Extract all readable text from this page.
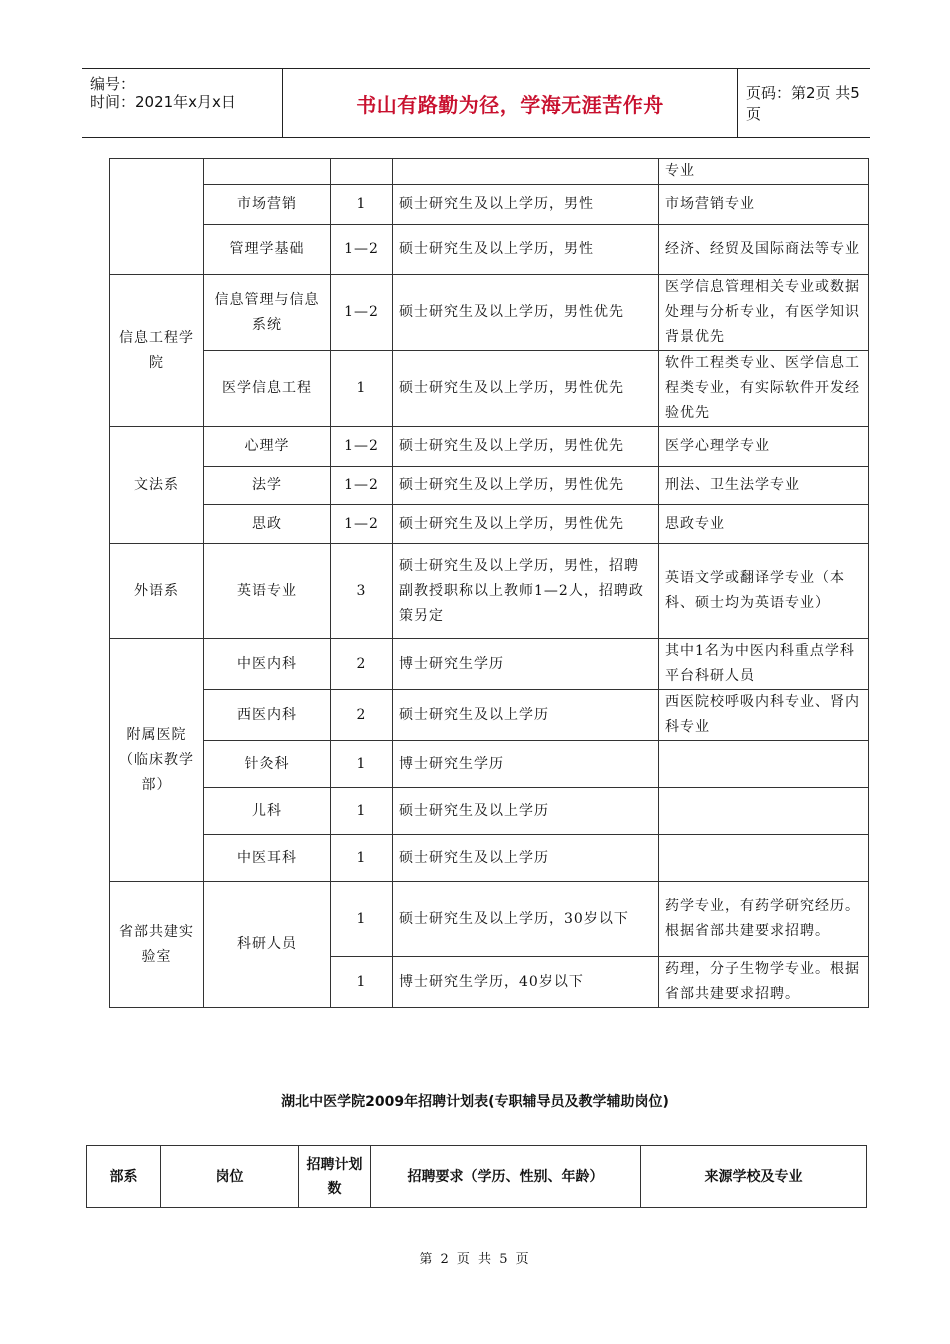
编号：
时间：2021年x月x日	书山有路勤为径，学海无涯苦作舟	页码：第2页 共5页
				专业
	市场营销	1	硕士研究生及以上学历，男性	市场营销专业
	管理学基础	1—2	硕士研究生及以上学历，男性	经济、经贸及国际商法等专业
信息工程学院	信息管理与信息系统	1—2	硕士研究生及以上学历，男性优先	医学信息管理相关专业或数据处理与分析专业，有医学知识背景优先
	医学信息工程	1	硕士研究生及以上学历，男性优先	软件工程类专业、医学信息工程类专业，有实际软件开发经验优先
文法系	心理学	1—2	硕士研究生及以上学历，男性优先	医学心理学专业
	法学	1—2	硕士研究生及以上学历，男性优先	刑法、卫生法学专业
	思政	1—2	硕士研究生及以上学历，男性优先	思政专业
外语系	英语专业	3	硕士研究生及以上学历，男性，招聘副教授职称以上教师1—2人，招聘政策另定	英语文学或翻译学专业（本科、硕士均为英语专业）
附属医院（临床教学部）	中医内科	2	博士研究生学历	其中1名为中医内科重点学科平台科研人员
	西医内科	2	硕士研究生及以上学历	西医院校呼吸内科专业、肾内科专业
	针灸科	1	博士研究生学历	
	儿科	1	硕士研究生及以上学历	
	中医耳科	1	硕士研究生及以上学历	
省部共建实验室	科研人员	1	硕士研究生及以上学历，30岁以下	药学专业，有药学研究经历。根据省部共建要求招聘。
		1	博士研究生学历，40岁以下	药理，分子生物学专业。根据省部共建要求招聘。
湖北中医学院2009年招聘计划表(专职辅导员及教学辅助岗位)
部系	岗位	招聘计划数	招聘要求（学历、性别、年龄）	来源学校及专业
第 2 页 共 5 页
